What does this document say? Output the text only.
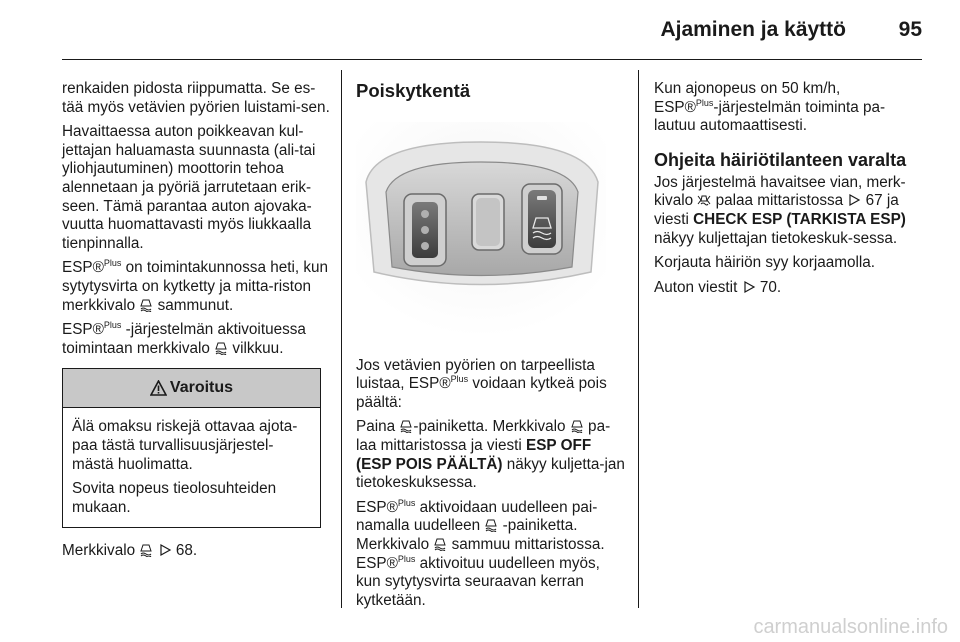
Ajaminen ja käyttö	95

renkaiden pidosta riippumatta. Se es-tää myös vetävien pyörien luistami-sen.

Havaittaessa auton poikkeavan kul-jettajan haluamasta suunnasta (ali-tai yliohjautuminen) moottorin tehoa alennetaan ja pyöriä jarrutetaan erik-seen. Tämä parantaa auton ajovaka-vuutta huomattavasti myös liukkaalla tienpinnalla.

ESP®$^{Plus}$ on toimintakunnossa heti, kun sytytysvirta on kytketty ja mitta-riston merkkivalo  sammunut.

ESP®$^{Plus}$ -järjestelmän aktivoituessa toimintaan merkkivalo  vilkkuu.

Varoitus

Älä omaksu riskejä ottavaa ajota-paa tästä turvallisuusjärjestel-mästä huolimatta.

Sovita nopeus tieolosuhteiden mukaan.

Merkkivalo   68.

Poiskytkentä

Jos vetävien pyörien on tarpeellista luistaa, ESP®$^{Plus}$ voidaan kytkeä pois päältä:

Paina -painiketta. Merkkivalo  pa-laa mittaristossa ja viesti ESP OFF (ESP POIS PÄÄLTÄ) näkyy kuljetta-jan tietokeskuksessa.

ESP®$^{Plus}$ aktivoidaan uudelleen pai-namalla uudelleen  -painiketta.
Merkkivalo  sammuu mittaristossa.
ESP®$^{Plus}$ aktivoituu uudelleen myös, kun sytytysvirta seuraavan kerran kytketään.

Kun ajonopeus on 50 km/h,
ESP®$^{Plus}$-järjestelmän toiminta pa-lautuu automaattisesti.

Ohjeita häiriötilanteen varalta

Jos järjestelmä havaitsee vian, merk-kivalo  palaa mittaristossa  67 ja viesti CHECK ESP (TARKISTA ESP) näkyy kuljettajan tietokeskuk-sessa.

Korjauta häiriön syy korjaamolla.

Auton viestit  70.

carmanualsonline.info
